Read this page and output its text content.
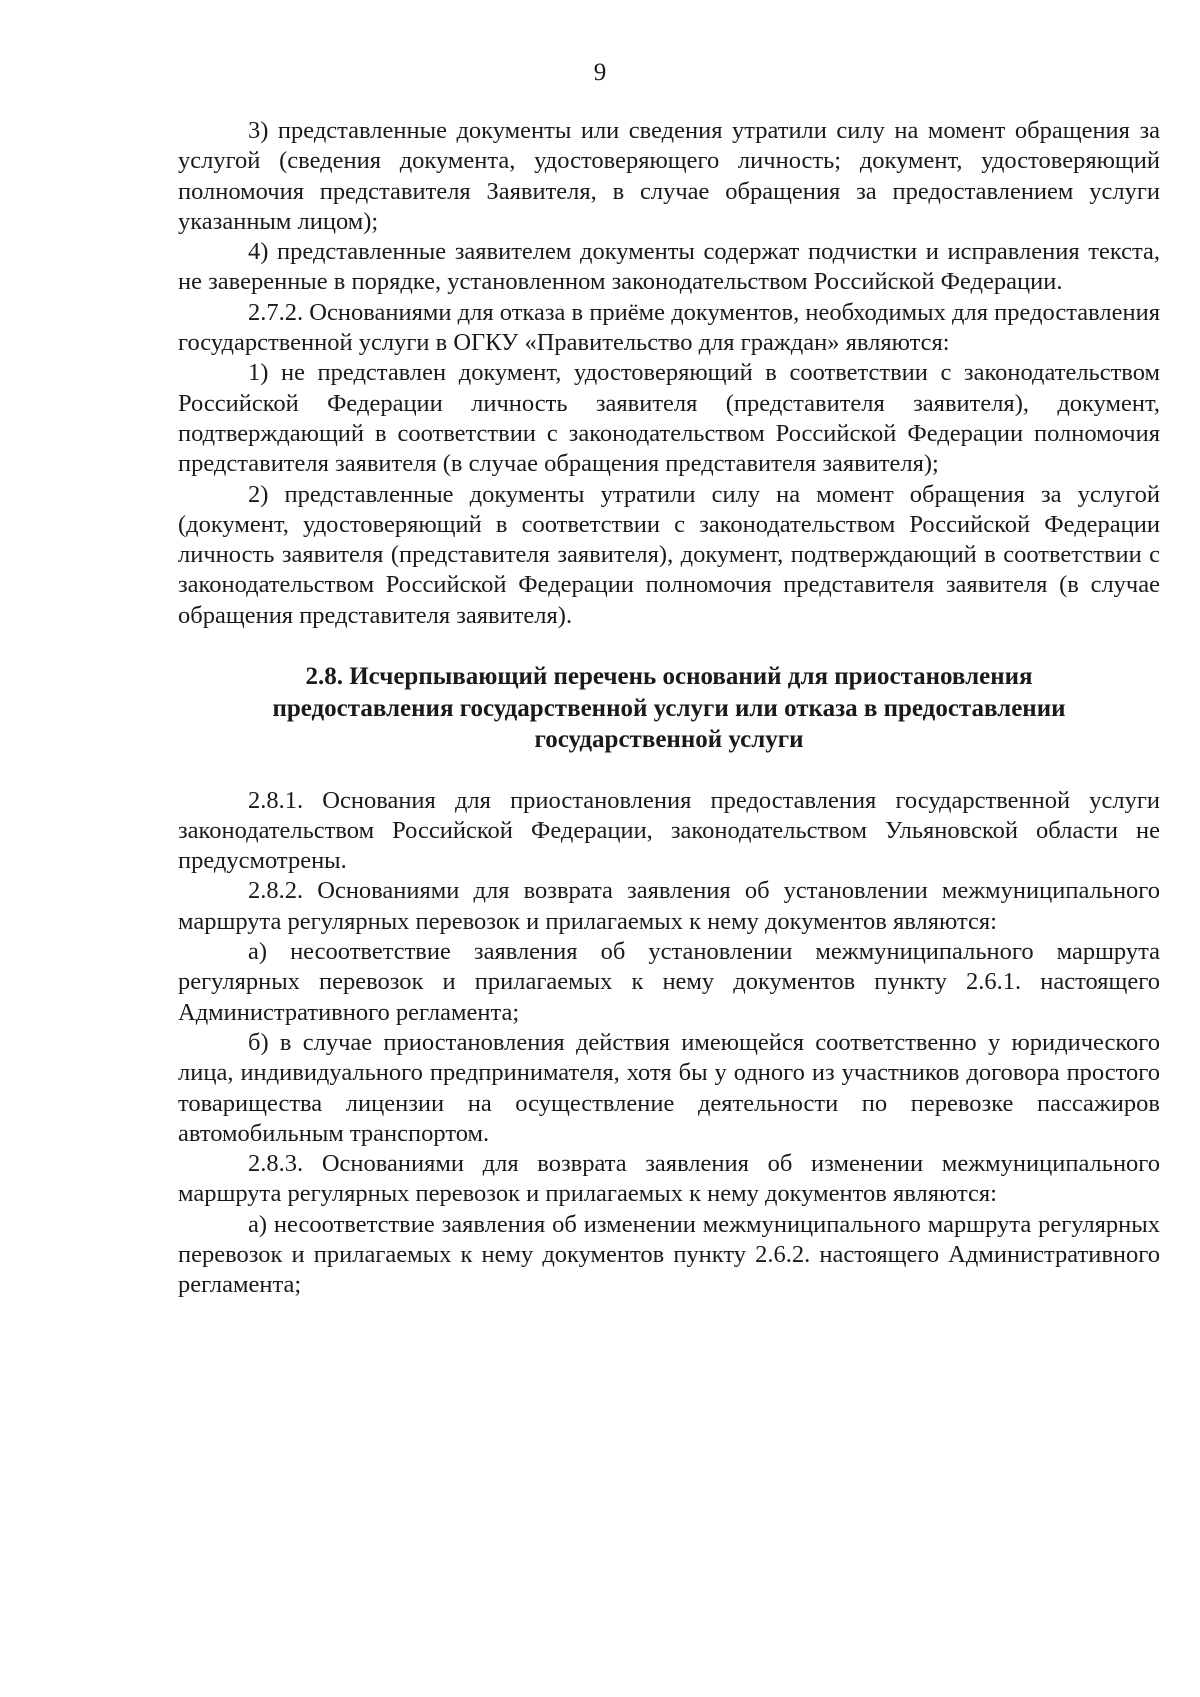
9

3) представленные документы или сведения утратили силу на момент обращения за услугой (сведения документа, удостоверяющего личность; документ, удостоверяющий полномочия представителя Заявителя, в случае обращения за предоставлением услуги указанным лицом);

4) представленные заявителем документы содержат подчистки и исправления текста, не заверенные в порядке, установленном законодательством Российской Федерации.

2.7.2. Основаниями для отказа в приёме документов, необходимых для предоставления государственной услуги в ОГКУ «Правительство для граждан» являются:

1) не представлен документ, удостоверяющий в соответствии с законодательством Российской Федерации личность заявителя (представителя заявителя), документ, подтверждающий в соответствии с законодательством Российской Федерации полномочия представителя заявителя (в случае обращения представителя заявителя);

2) представленные документы утратили силу на момент обращения за услугой (документ, удостоверяющий в соответствии с законодательством Российской Федерации личность заявителя (представителя заявителя), документ, подтверждающий в соответствии с законодательством Российской Федерации полномочия представителя заявителя (в случае обращения представителя заявителя).

2.8. Исчерпывающий перечень оснований для приостановления
предоставления государственной услуги или отказа в предоставлении
государственной услуги

2.8.1. Основания для приостановления предоставления государственной услуги законодательством Российской Федерации, законодательством Ульяновской области не предусмотрены.

2.8.2. Основаниями для возврата заявления об установлении межмуниципального маршрута регулярных перевозок и прилагаемых к нему документов являются:

а) несоответствие заявления об установлении межмуниципального маршрута регулярных перевозок и прилагаемых к нему документов пункту 2.6.1. настоящего Административного регламента;

б) в случае приостановления действия имеющейся соответственно у юридического лица, индивидуального предпринимателя, хотя бы у одного из участников договора простого товарищества лицензии на осуществление деятельности по перевозке пассажиров автомобильным транспортом.

2.8.3. Основаниями для возврата заявления об изменении межмуниципального маршрута регулярных перевозок и прилагаемых к нему документов являются:

а) несоответствие заявления об изменении межмуниципального маршрута регулярных перевозок и прилагаемых к нему документов пункту 2.6.2. настоящего Административного регламента;
